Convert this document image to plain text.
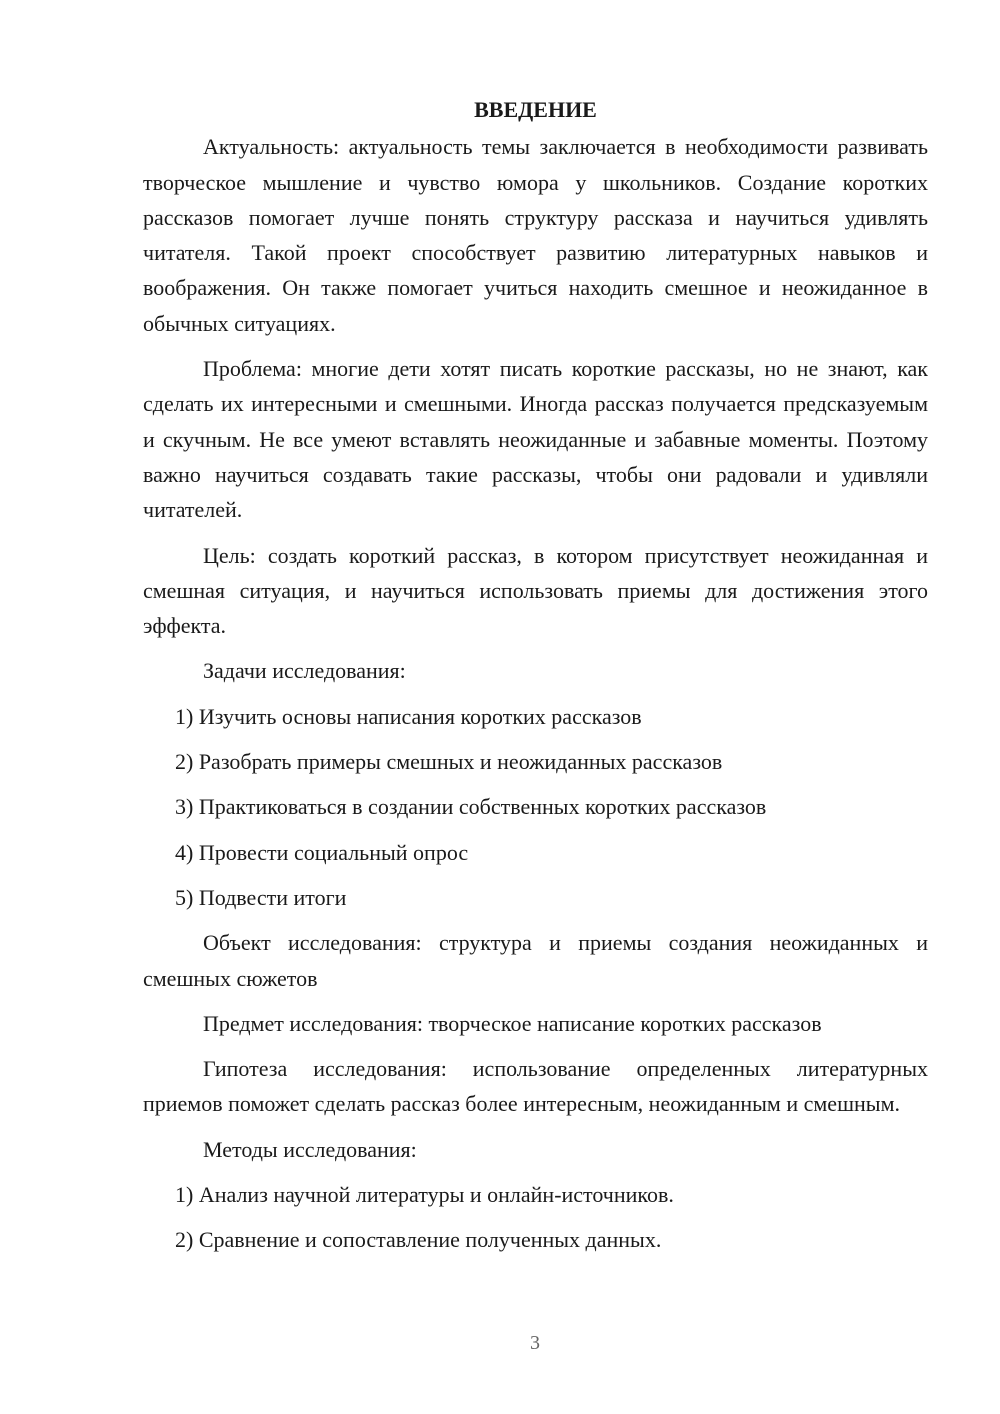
ВВЕДЕНИЕ

Актуальность: актуальность темы заключается в необходимости развивать творческое мышление и чувство юмора у школьников. Создание коротких рассказов помогает лучше понять структуру рассказа и научиться удивлять читателя. Такой проект способствует развитию литературных навыков и воображения. Он также помогает учиться находить смешное и неожиданное в обычных ситуациях.

Проблема: многие дети хотят писать короткие рассказы, но не знают, как сделать их интересными и смешными. Иногда рассказ получается предсказуемым и скучным. Не все умеют вставлять неожиданные и забавные моменты. Поэтому важно научиться создавать такие рассказы, чтобы они радовали и удивляли читателей.

Цель: создать короткий рассказ, в котором присутствует неожиданная и смешная ситуация, и научиться использовать приемы для достижения этого эффекта.

Задачи исследования:

1) Изучить основы написания коротких рассказов
2) Разобрать примеры смешных и неожиданных рассказов
3) Практиковаться в создании собственных коротких рассказов
4) Провести социальный опрос
5) Подвести итоги

Объект исследования: структура и приемы создания неожиданных и смешных сюжетов

Предмет исследования: творческое написание коротких рассказов

Гипотеза исследования: использование определенных литературных приемов поможет сделать рассказ более интересным, неожиданным и смешным.

Методы исследования:

1) Анализ научной литературы и онлайн-источников.
2) Сравнение и сопоставление полученных данных.
3
